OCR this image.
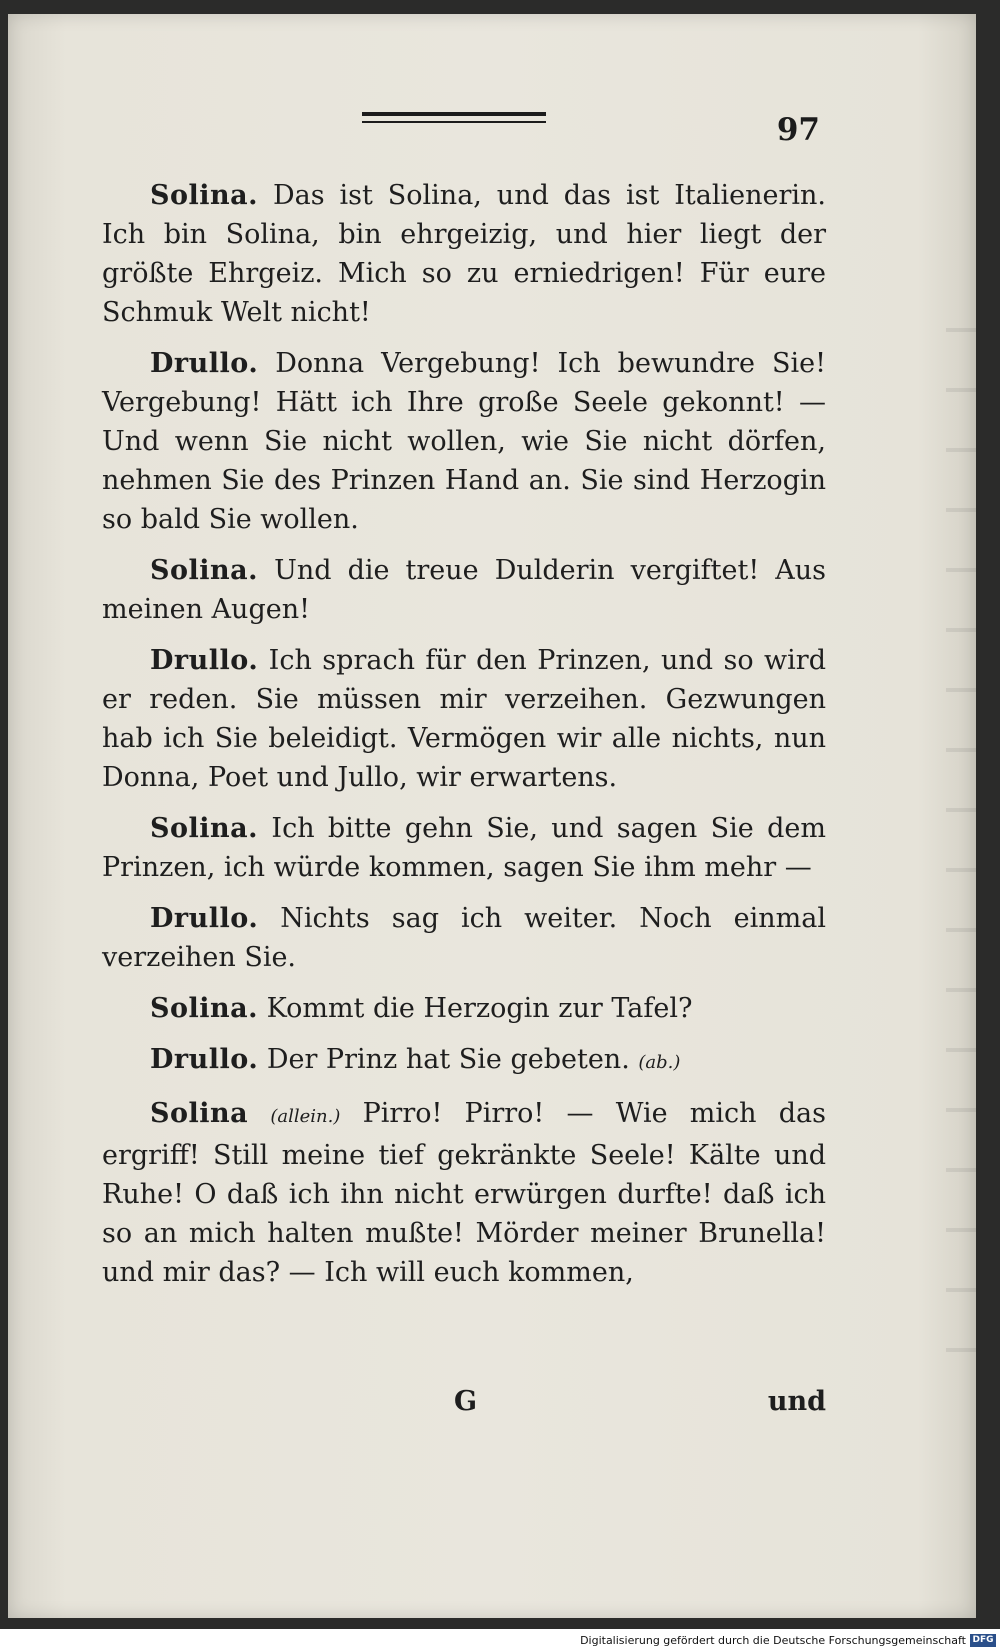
97

Solina. Das ist Solina, und das ist Italienerin. Ich bin Solina, bin ehrgeizig, und hier liegt der größte Ehrgeiz. Mich so zu erniedrigen! Für eure Schmuk Welt nicht!

Drullo. Donna Vergebung! Ich bewundre Sie! Vergebung! Hätt ich Ihre große Seele gekonnt! — Und wenn Sie nicht wollen, wie Sie nicht dörfen, nehmen Sie des Prinzen Hand an. Sie sind Herzogin so bald Sie wollen.

Solina. Und die treue Dulderin vergiftet! Aus meinen Augen!

Drullo. Ich sprach für den Prinzen, und so wird er reden. Sie müssen mir verzeihen. Gezwungen hab ich Sie beleidigt. Vermögen wir alle nichts, nun Donna, Poet und Jullo, wir erwartens.

Solina. Ich bitte gehn Sie, und sagen Sie dem Prinzen, ich würde kommen, sagen Sie ihm mehr —

Drullo. Nichts sag ich weiter. Noch einmal verzeihen Sie.

Solina. Kommt die Herzogin zur Tafel?

Drullo. Der Prinz hat Sie gebeten. (ab.)

Solina (allein.) Pirro! Pirro! — Wie mich das ergriff! Still meine tief gekränkte Seele! Kälte und Ruhe! O daß ich ihn nicht erwürgen durfte! daß ich so an mich halten mußte! Mörder meiner Brunella! und mir das? — Ich will euch kommen,

G	und
Digitalisierung gefördert durch die Deutsche Forschungsgemeinschaft DFG
